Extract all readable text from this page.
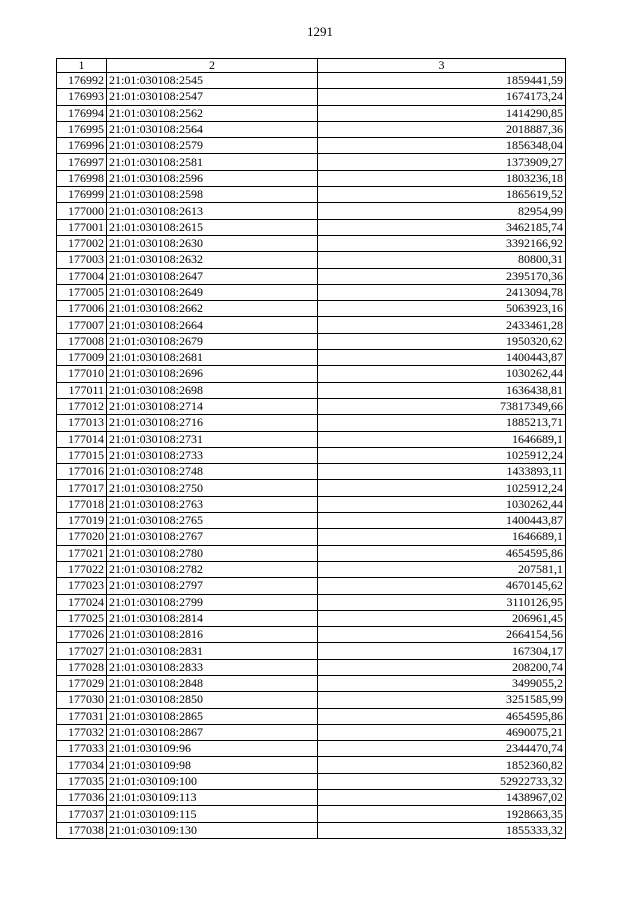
1291
1	2	3
176992	21:01:030108:2545	1859441,59
176993	21:01:030108:2547	1674173,24
176994	21:01:030108:2562	1414290,85
176995	21:01:030108:2564	2018887,36
176996	21:01:030108:2579	1856348,04
176997	21:01:030108:2581	1373909,27
176998	21:01:030108:2596	1803236,18
176999	21:01:030108:2598	1865619,52
177000	21:01:030108:2613	82954,99
177001	21:01:030108:2615	3462185,74
177002	21:01:030108:2630	3392166,92
177003	21:01:030108:2632	80800,31
177004	21:01:030108:2647	2395170,36
177005	21:01:030108:2649	2413094,78
177006	21:01:030108:2662	5063923,16
177007	21:01:030108:2664	2433461,28
177008	21:01:030108:2679	1950320,62
177009	21:01:030108:2681	1400443,87
177010	21:01:030108:2696	1030262,44
177011	21:01:030108:2698	1636438,81
177012	21:01:030108:2714	73817349,66
177013	21:01:030108:2716	1885213,71
177014	21:01:030108:2731	1646689,1
177015	21:01:030108:2733	1025912,24
177016	21:01:030108:2748	1433893,11
177017	21:01:030108:2750	1025912,24
177018	21:01:030108:2763	1030262,44
177019	21:01:030108:2765	1400443,87
177020	21:01:030108:2767	1646689,1
177021	21:01:030108:2780	4654595,86
177022	21:01:030108:2782	207581,1
177023	21:01:030108:2797	4670145,62
177024	21:01:030108:2799	3110126,95
177025	21:01:030108:2814	206961,45
177026	21:01:030108:2816	2664154,56
177027	21:01:030108:2831	167304,17
177028	21:01:030108:2833	208200,74
177029	21:01:030108:2848	3499055,2
177030	21:01:030108:2850	3251585,99
177031	21:01:030108:2865	4654595,86
177032	21:01:030108:2867	4690075,21
177033	21:01:030109:96	2344470,74
177034	21:01:030109:98	1852360,82
177035	21:01:030109:100	52922733,32
177036	21:01:030109:113	1438967,02
177037	21:01:030109:115	1928663,35
177038	21:01:030109:130	1855333,32
